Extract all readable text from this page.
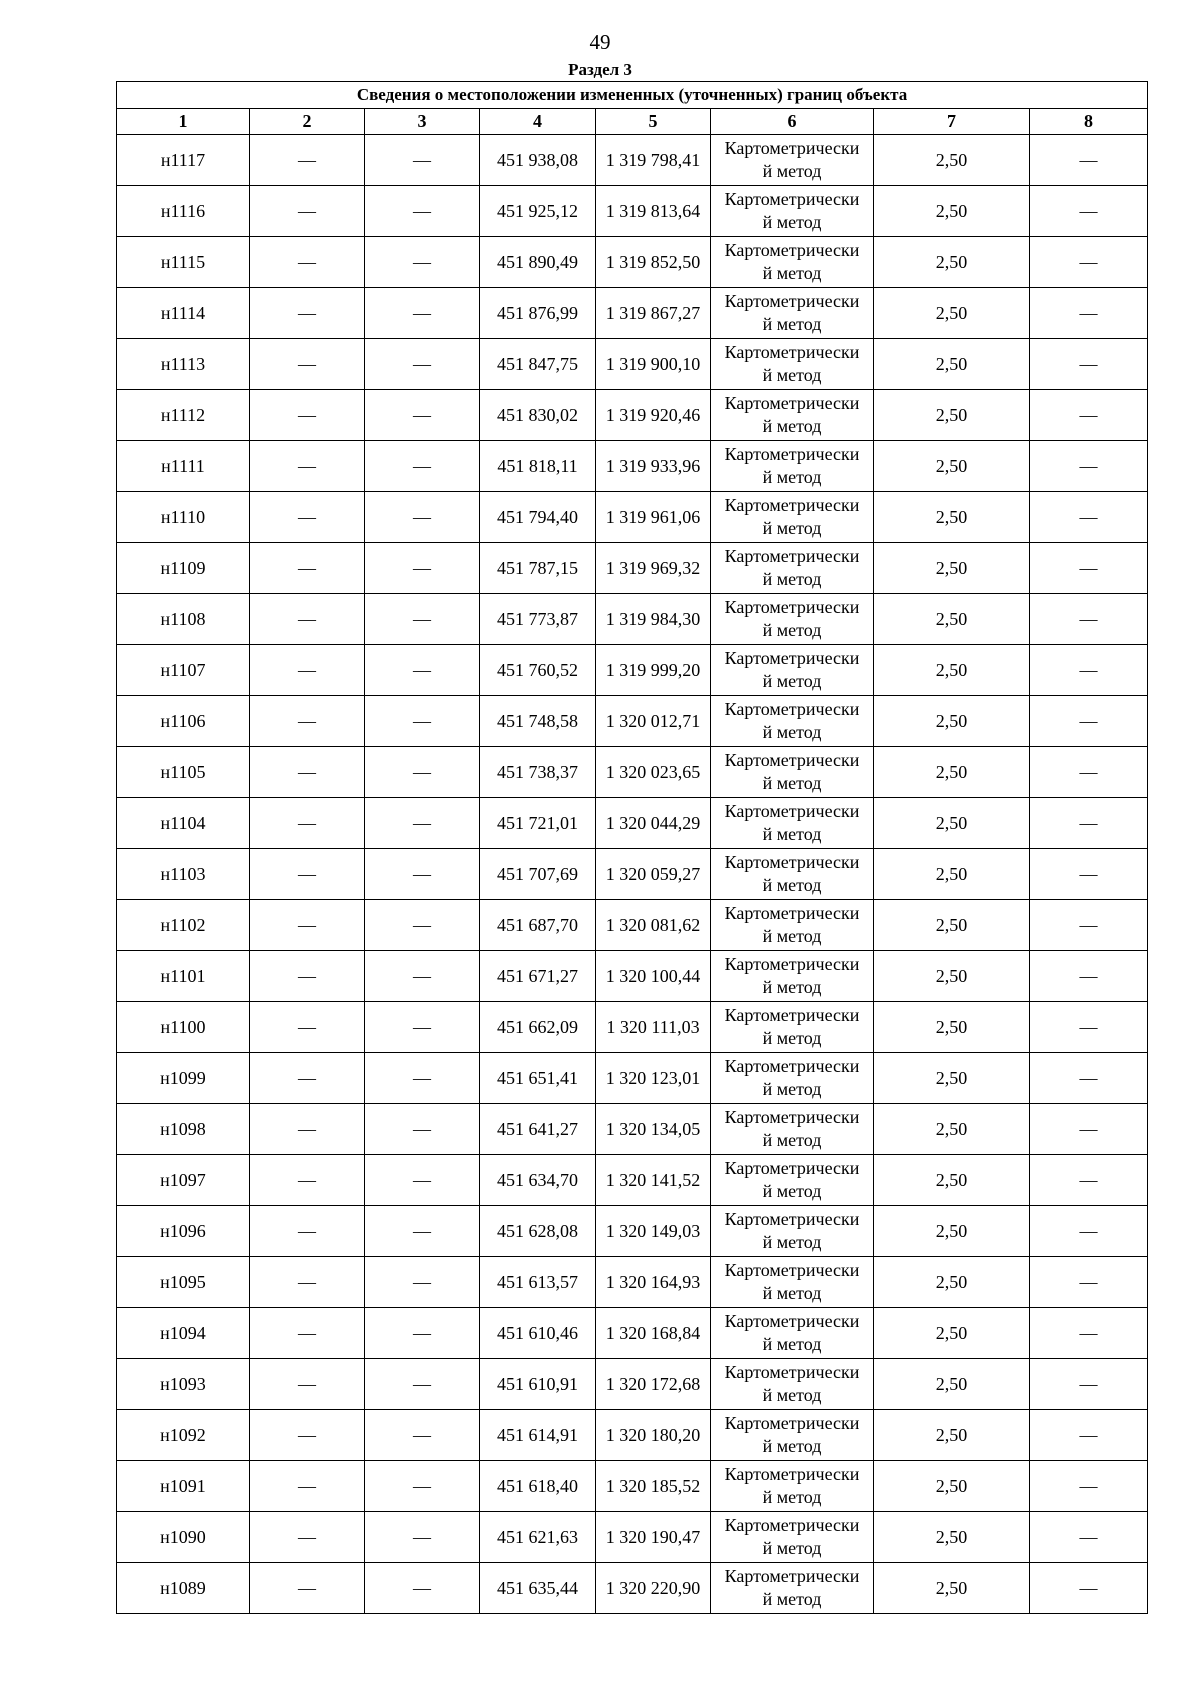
49
Раздел 3
Сведения о местоположении измененных (уточненных) границ объекта							
1	2	3	4	5	6	7	8
н1117	—	—	451 938,08	1 319 798,41	Картометрически
й метод	2,50	—
н1116	—	—	451 925,12	1 319 813,64	Картометрически
й метод	2,50	—
н1115	—	—	451 890,49	1 319 852,50	Картометрически
й метод	2,50	—
н1114	—	—	451 876,99	1 319 867,27	Картометрически
й метод	2,50	—
н1113	—	—	451 847,75	1 319 900,10	Картометрически
й метод	2,50	—
н1112	—	—	451 830,02	1 319 920,46	Картометрически
й метод	2,50	—
н1111	—	—	451 818,11	1 319 933,96	Картометрически
й метод	2,50	—
н1110	—	—	451 794,40	1 319 961,06	Картометрически
й метод	2,50	—
н1109	—	—	451 787,15	1 319 969,32	Картометрически
й метод	2,50	—
н1108	—	—	451 773,87	1 319 984,30	Картометрически
й метод	2,50	—
н1107	—	—	451 760,52	1 319 999,20	Картометрически
й метод	2,50	—
н1106	—	—	451 748,58	1 320 012,71	Картометрически
й метод	2,50	—
н1105	—	—	451 738,37	1 320 023,65	Картометрически
й метод	2,50	—
н1104	—	—	451 721,01	1 320 044,29	Картометрически
й метод	2,50	—
н1103	—	—	451 707,69	1 320 059,27	Картометрически
й метод	2,50	—
н1102	—	—	451 687,70	1 320 081,62	Картометрически
й метод	2,50	—
н1101	—	—	451 671,27	1 320 100,44	Картометрически
й метод	2,50	—
н1100	—	—	451 662,09	1 320 111,03	Картометрически
й метод	2,50	—
н1099	—	—	451 651,41	1 320 123,01	Картометрически
й метод	2,50	—
н1098	—	—	451 641,27	1 320 134,05	Картометрически
й метод	2,50	—
н1097	—	—	451 634,70	1 320 141,52	Картометрически
й метод	2,50	—
н1096	—	—	451 628,08	1 320 149,03	Картометрически
й метод	2,50	—
н1095	—	—	451 613,57	1 320 164,93	Картометрически
й метод	2,50	—
н1094	—	—	451 610,46	1 320 168,84	Картометрически
й метод	2,50	—
н1093	—	—	451 610,91	1 320 172,68	Картометрически
й метод	2,50	—
н1092	—	—	451 614,91	1 320 180,20	Картометрически
й метод	2,50	—
н1091	—	—	451 618,40	1 320 185,52	Картометрически
й метод	2,50	—
н1090	—	—	451 621,63	1 320 190,47	Картометрически
й метод	2,50	—
н1089	—	—	451 635,44	1 320 220,90	Картометрически
й метод	2,50	—
